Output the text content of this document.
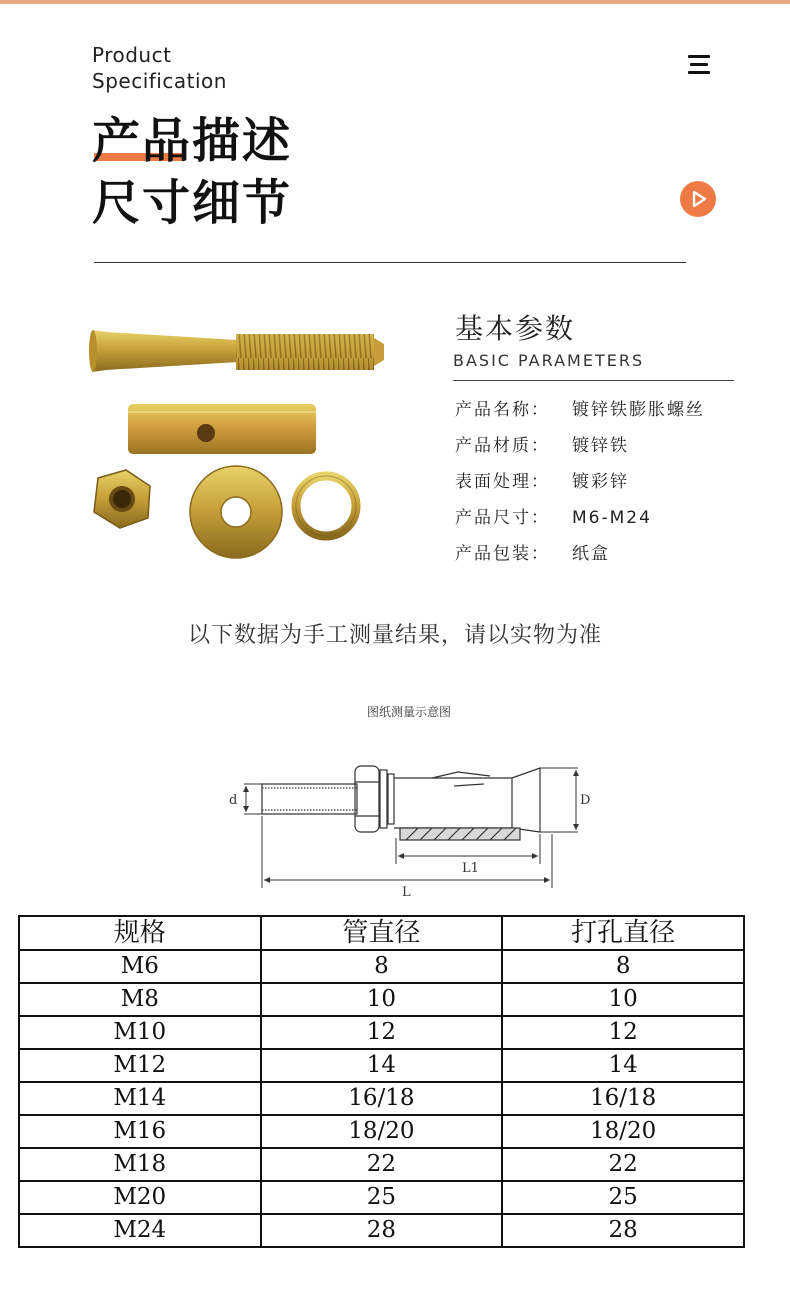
Product
Specification
产品描述
尺寸细节
基本参数
BASIC PARAMETERS
产品名称： 镀锌铁膨胀螺丝
产品材质： 镀锌铁
表面处理： 镀彩锌
产品尺寸： M6-M24
产品包装： 纸盒
以下数据为手工测量结果，请以实物为准
图纸测量示意图
d	D
L1
L
规格	管直径	打孔直径
M6	8	8
M8	10	10
M10	12	12
M12	14	14
M14	16/18	16/18
M16	18/20	18/20
M18	22	22
M20	25	25
M24	28	28
